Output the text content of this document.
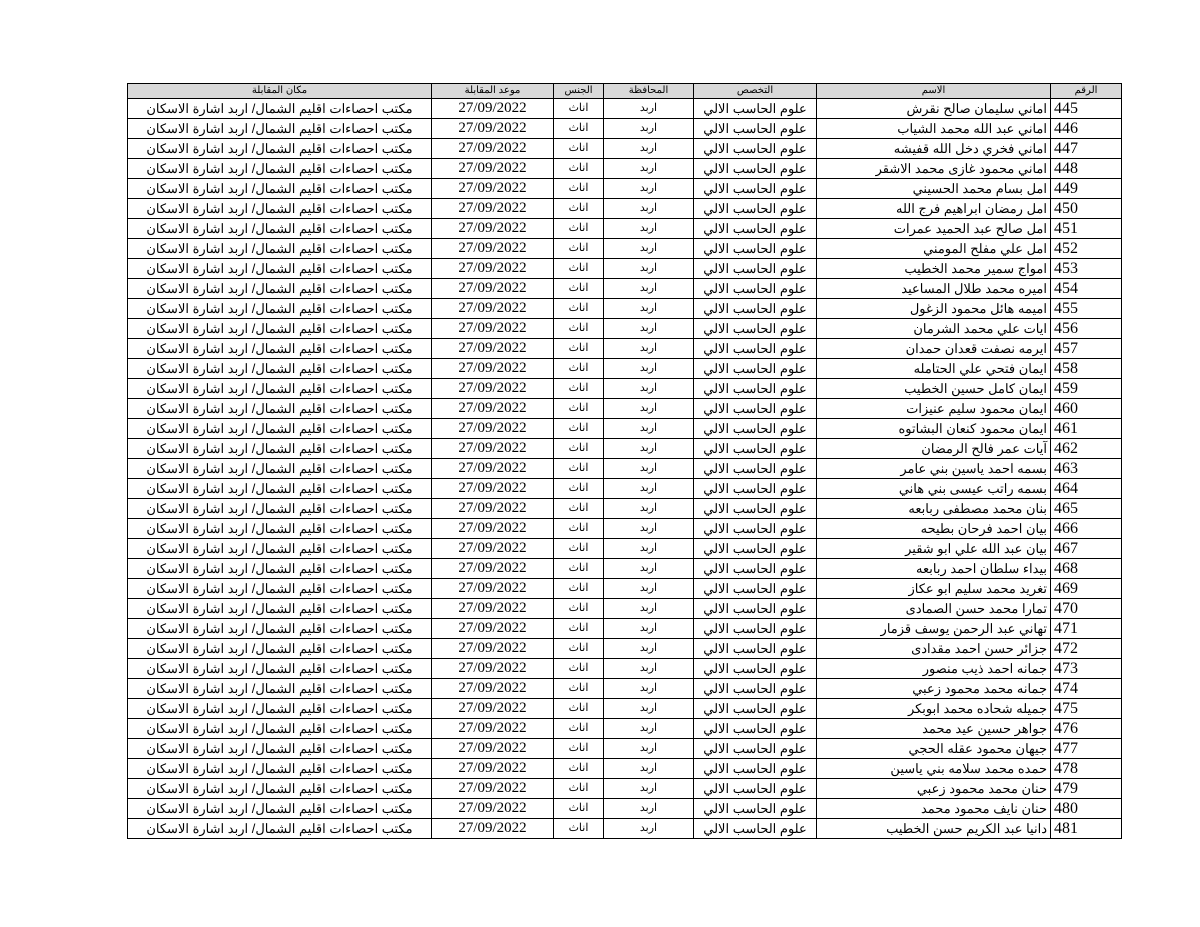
الرقم	الاسم	التخصص	المحافظة	الجنس	موعد المقابلة	مكان المقابلة
445	اماني سليمان صالح نقرش	علوم الحاسب الالي	اربد	اناث	27/09/2022	مكتب احصاءات اقليم الشمال/ اربد اشارة الاسكان
446	اماني عبد الله محمد الشياب	علوم الحاسب الالي	اربد	اناث	27/09/2022	مكتب احصاءات اقليم الشمال/ اربد اشارة الاسكان
447	اماني فخري دخل الله قفيشه	علوم الحاسب الالي	اربد	اناث	27/09/2022	مكتب احصاءات اقليم الشمال/ اربد اشارة الاسكان
448	اماني محمود غازى محمد الاشقر	علوم الحاسب الالي	اربد	اناث	27/09/2022	مكتب احصاءات اقليم الشمال/ اربد اشارة الاسكان
449	امل بسام محمد الحسيني	علوم الحاسب الالي	اربد	اناث	27/09/2022	مكتب احصاءات اقليم الشمال/ اربد اشارة الاسكان
450	امل رمضان ابراهيم فرج الله	علوم الحاسب الالي	اربد	اناث	27/09/2022	مكتب احصاءات اقليم الشمال/ اربد اشارة الاسكان
451	امل صالح عبد الحميد عمرات	علوم الحاسب الالي	اربد	اناث	27/09/2022	مكتب احصاءات اقليم الشمال/ اربد اشارة الاسكان
452	امل علي مفلح المومني	علوم الحاسب الالي	اربد	اناث	27/09/2022	مكتب احصاءات اقليم الشمال/ اربد اشارة الاسكان
453	امواج سمير محمد الخطيب	علوم الحاسب الالي	اربد	اناث	27/09/2022	مكتب احصاءات اقليم الشمال/ اربد اشارة الاسكان
454	اميره محمد طلال المساعيد	علوم الحاسب الالي	اربد	اناث	27/09/2022	مكتب احصاءات اقليم الشمال/ اربد اشارة الاسكان
455	اميمه هائل محمود الزغول	علوم الحاسب الالي	اربد	اناث	27/09/2022	مكتب احصاءات اقليم الشمال/ اربد اشارة الاسكان
456	ايات علي محمد الشرمان	علوم الحاسب الالي	اربد	اناث	27/09/2022	مكتب احصاءات اقليم الشمال/ اربد اشارة الاسكان
457	ايرمه نصفت قعدان حمدان	علوم الحاسب الالي	اربد	اناث	27/09/2022	مكتب احصاءات اقليم الشمال/ اربد اشارة الاسكان
458	ايمان فتحي علي الحتامله	علوم الحاسب الالي	اربد	اناث	27/09/2022	مكتب احصاءات اقليم الشمال/ اربد اشارة الاسكان
459	ايمان كامل حسين الخطيب	علوم الحاسب الالي	اربد	اناث	27/09/2022	مكتب احصاءات اقليم الشمال/ اربد اشارة الاسكان
460	ايمان محمود سليم عنيزات	علوم الحاسب الالي	اربد	اناث	27/09/2022	مكتب احصاءات اقليم الشمال/ اربد اشارة الاسكان
461	ايمان محمود كنعان البشاتوه	علوم الحاسب الالي	اربد	اناث	27/09/2022	مكتب احصاءات اقليم الشمال/ اربد اشارة الاسكان
462	آيات عمر فالح الرمضان	علوم الحاسب الالي	اربد	اناث	27/09/2022	مكتب احصاءات اقليم الشمال/ اربد اشارة الاسكان
463	بسمه احمد ياسين بني عامر	علوم الحاسب الالي	اربد	اناث	27/09/2022	مكتب احصاءات اقليم الشمال/ اربد اشارة الاسكان
464	بسمه راتب عيسى بني هاني	علوم الحاسب الالي	اربد	اناث	27/09/2022	مكتب احصاءات اقليم الشمال/ اربد اشارة الاسكان
465	بنان محمد مصطفى ربابعه	علوم الحاسب الالي	اربد	اناث	27/09/2022	مكتب احصاءات اقليم الشمال/ اربد اشارة الاسكان
466	بيان احمد فرحان بطيحه	علوم الحاسب الالي	اربد	اناث	27/09/2022	مكتب احصاءات اقليم الشمال/ اربد اشارة الاسكان
467	بيان عبد الله علي ابو شقير	علوم الحاسب الالي	اربد	اناث	27/09/2022	مكتب احصاءات اقليم الشمال/ اربد اشارة الاسكان
468	بيداء سلطان احمد ربابعه	علوم الحاسب الالي	اربد	اناث	27/09/2022	مكتب احصاءات اقليم الشمال/ اربد اشارة الاسكان
469	تغريد محمد سليم ابو عكاز	علوم الحاسب الالي	اربد	اناث	27/09/2022	مكتب احصاءات اقليم الشمال/ اربد اشارة الاسكان
470	تمارا محمد حسن الصمادى	علوم الحاسب الالي	اربد	اناث	27/09/2022	مكتب احصاءات اقليم الشمال/ اربد اشارة الاسكان
471	تهاني عبد الرحمن يوسف قزمار	علوم الحاسب الالي	اربد	اناث	27/09/2022	مكتب احصاءات اقليم الشمال/ اربد اشارة الاسكان
472	جزائر حسن احمد مقدادى	علوم الحاسب الالي	اربد	اناث	27/09/2022	مكتب احصاءات اقليم الشمال/ اربد اشارة الاسكان
473	جمانه احمد ذيب منصور	علوم الحاسب الالي	اربد	اناث	27/09/2022	مكتب احصاءات اقليم الشمال/ اربد اشارة الاسكان
474	جمانه محمد محمود زعبي	علوم الحاسب الالي	اربد	اناث	27/09/2022	مكتب احصاءات اقليم الشمال/ اربد اشارة الاسكان
475	جميله شحاده محمد ابوبكر	علوم الحاسب الالي	اربد	اناث	27/09/2022	مكتب احصاءات اقليم الشمال/ اربد اشارة الاسكان
476	جواهر حسين عيد محمد	علوم الحاسب الالي	اربد	اناث	27/09/2022	مكتب احصاءات اقليم الشمال/ اربد اشارة الاسكان
477	جيهان محمود عقله الحجي	علوم الحاسب الالي	اربد	اناث	27/09/2022	مكتب احصاءات اقليم الشمال/ اربد اشارة الاسكان
478	حمده محمد سلامه بني ياسين	علوم الحاسب الالي	اربد	اناث	27/09/2022	مكتب احصاءات اقليم الشمال/ اربد اشارة الاسكان
479	حنان محمد محمود زعبي	علوم الحاسب الالي	اربد	اناث	27/09/2022	مكتب احصاءات اقليم الشمال/ اربد اشارة الاسكان
480	حنان نايف محمود محمد	علوم الحاسب الالي	اربد	اناث	27/09/2022	مكتب احصاءات اقليم الشمال/ اربد اشارة الاسكان
481	دانيا عبد الكريم حسن الخطيب	علوم الحاسب الالي	اربد	اناث	27/09/2022	مكتب احصاءات اقليم الشمال/ اربد اشارة الاسكان
